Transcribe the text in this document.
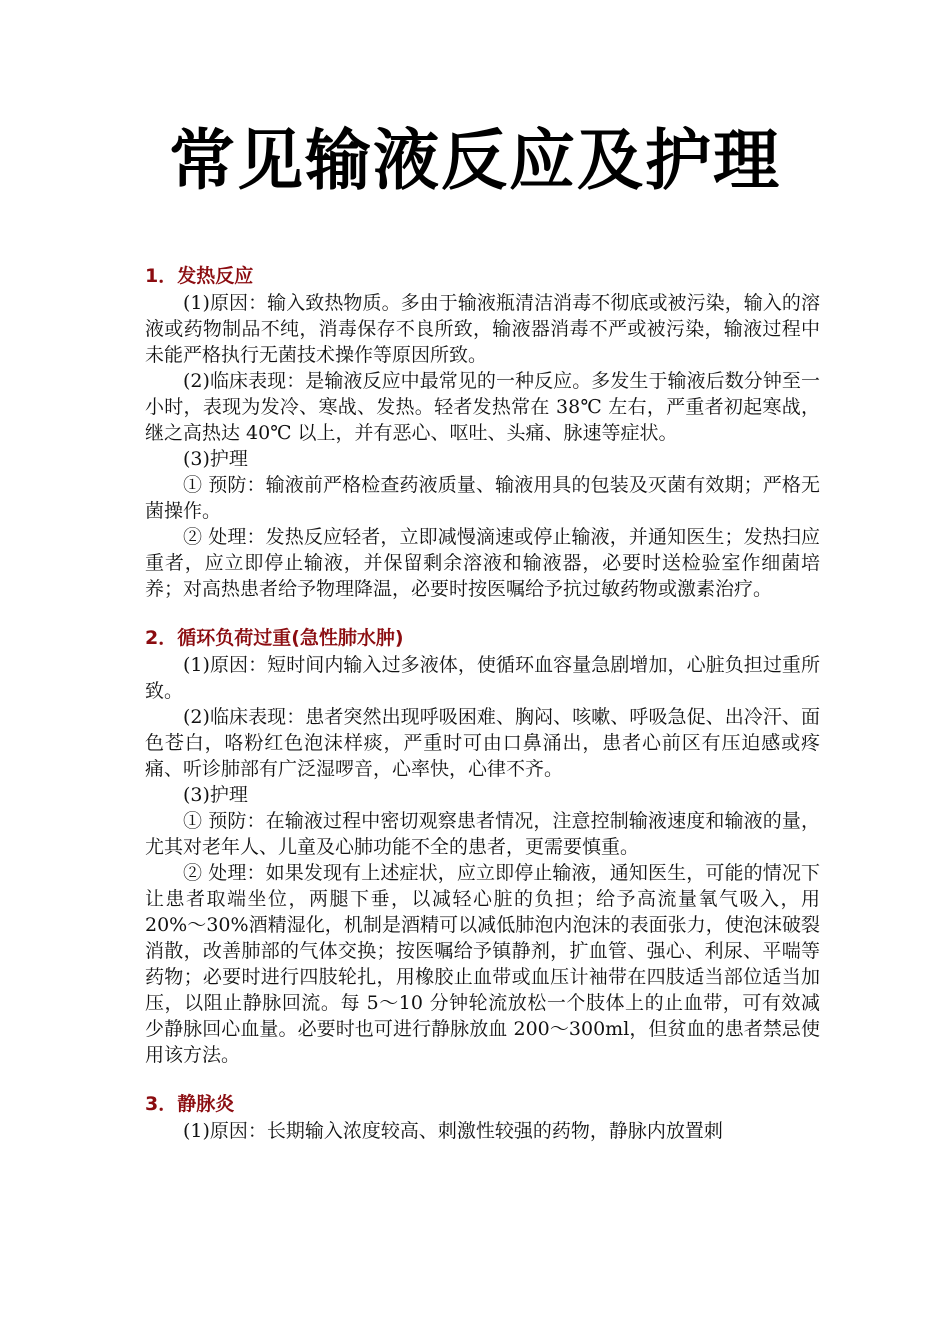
常见输液反应及护理

1．发热反应

(1)原因：输入致热物质。多由于输液瓶清洁消毒不彻底或被污染，输入的溶液或药物制品不纯，消毒保存不良所致，输液器消毒不严或被污染，输液过程中未能严格执行无菌技术操作等原因所致。

(2)临床表现：是输液反应中最常见的一种反应。多发生于输液后数分钟至一小时，表现为发冷、寒战、发热。轻者发热常在 38℃ 左右，严重者初起寒战，继之高热达 40℃ 以上，并有恶心、呕吐、头痛、脉速等症状。

(3)护理

① 预防：输液前严格检查药液质量、输液用具的包装及灭菌有效期；严格无菌操作。

② 处理：发热反应轻者，立即减慢滴速或停止输液，并通知医生；发热扫应重者，应立即停止输液，并保留剩余溶液和输液器，必要时送检验室作细菌培养；对高热患者给予物理降温，必要时按医嘱给予抗过敏药物或激素治疗。

2．循环负荷过重(急性肺水肿)

(1)原因：短时间内输入过多液体，使循环血容量急剧增加，心脏负担过重所致。

(2)临床表现：患者突然出现呼吸困难、胸闷、咳嗽、呼吸急促、出冷汗、面色苍白，咯粉红色泡沫样痰，严重时可由口鼻涌出，患者心前区有压迫感或疼痛、听诊肺部有广泛湿啰音，心率快，心律不齐。

(3)护理

① 预防：在输液过程中密切观察患者情况，注意控制输液速度和输液的量，尤其对老年人、儿童及心肺功能不全的患者，更需要慎重。

② 处理：如果发现有上述症状，应立即停止输液，通知医生，可能的情况下让患者取端坐位，两腿下垂，以减轻心脏的负担；给予高流量氧气吸入，用 20%～30%酒精湿化，机制是酒精可以减低肺泡内泡沫的表面张力，使泡沫破裂消散，改善肺部的气体交换；按医嘱给予镇静剂，扩血管、强心、利尿、平喘等药物；必要时进行四肢轮扎，用橡胶止血带或血压计袖带在四肢适当部位适当加压，以阻止静脉回流。每 5～10 分钟轮流放松一个肢体上的止血带，可有效减少静脉回心血量。必要时也可进行静脉放血 200～300ml，但贫血的患者禁忌使用该方法。

3．静脉炎

(1)原因：长期输入浓度较高、刺激性较强的药物，静脉内放置刺
